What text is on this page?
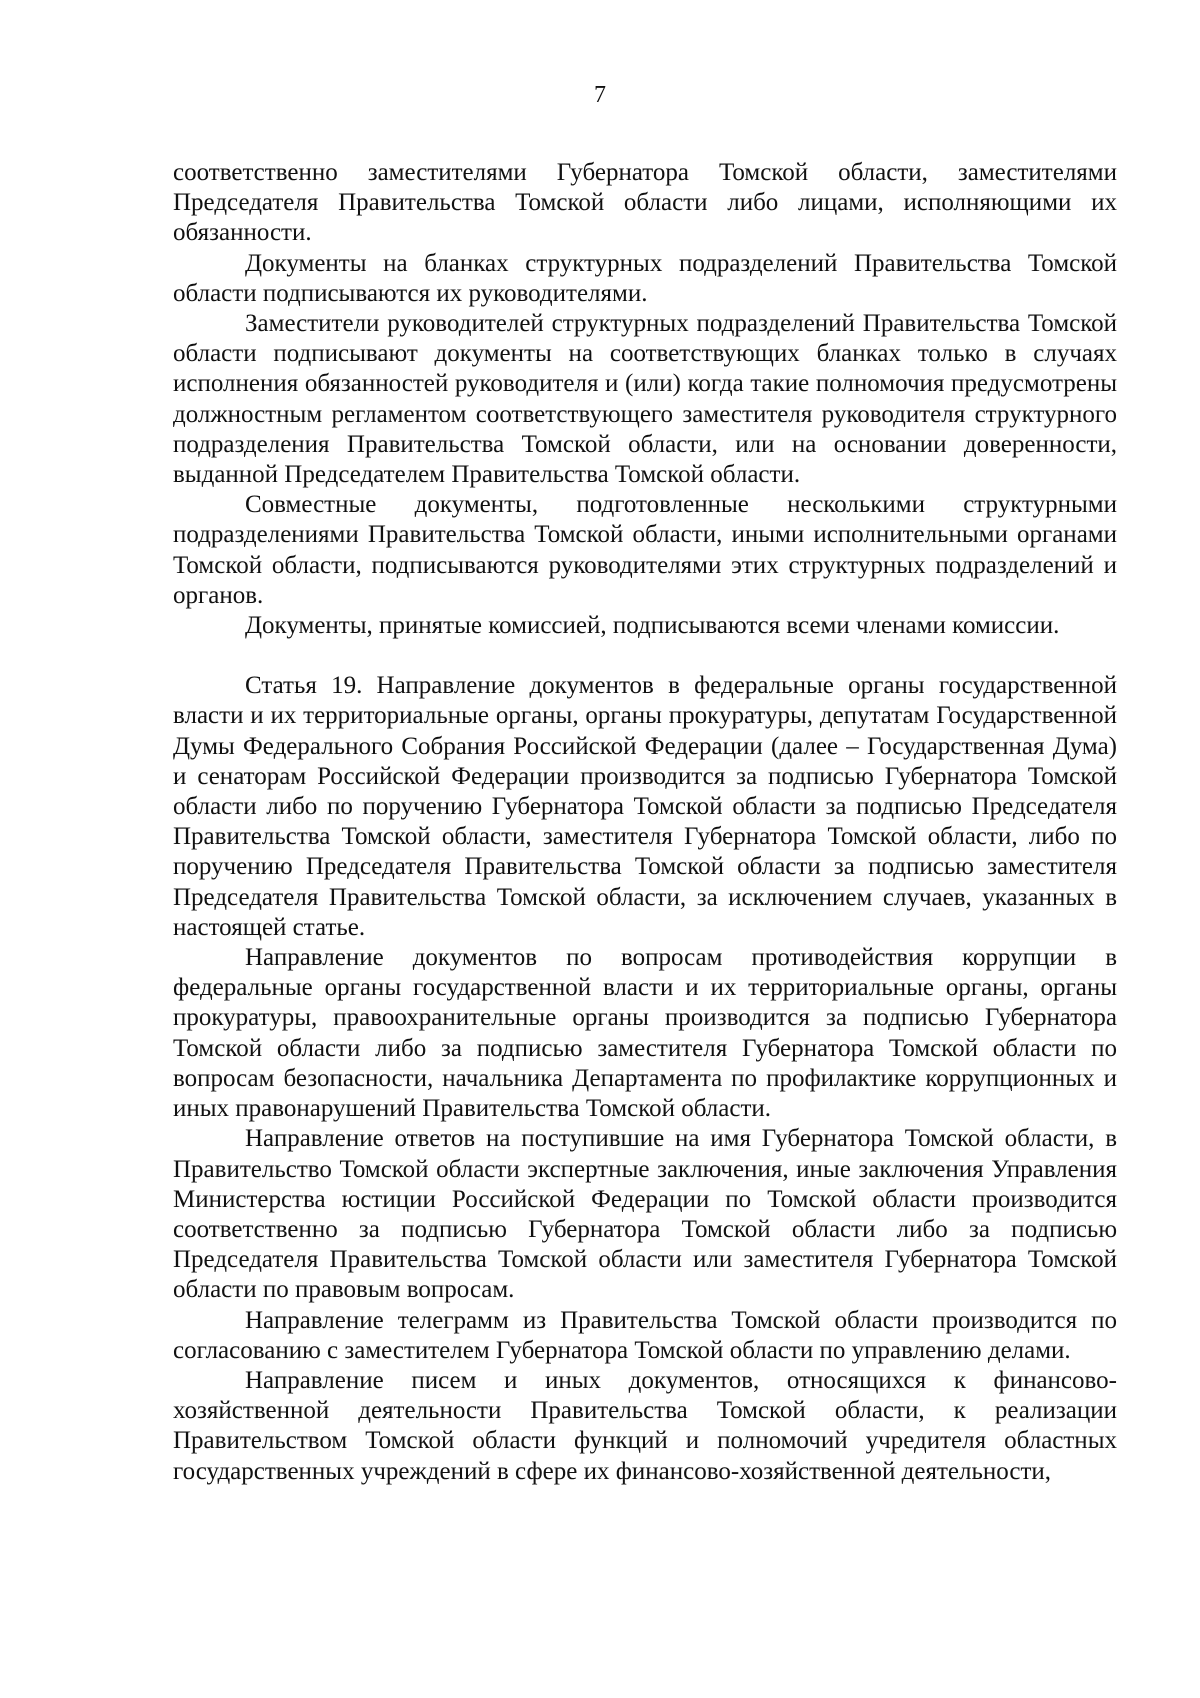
7

соответственно заместителями Губернатора Томской области, заместителями Председателя Правительства Томской области либо лицами, исполняющими их обязанности.

Документы на бланках структурных подразделений Правительства Томской области подписываются их руководителями.

Заместители руководителей структурных подразделений Правительства Томской области подписывают документы на соответствующих бланках только в случаях исполнения обязанностей руководителя и (или) когда такие полномочия предусмотрены должностным регламентом соответствующего заместителя руководителя структурного подразделения Правительства Томской области, или на основании доверенности, выданной Председателем Правительства Томской области.

Совместные документы, подготовленные несколькими структурными подразделениями Правительства Томской области, иными исполнительными органами Томской области, подписываются руководителями этих структурных подразделений и органов.

Документы, принятые комиссией, подписываются всеми членами комиссии.

Статья 19. Направление документов в федеральные органы государственной власти и их территориальные органы, органы прокуратуры, депутатам Государственной Думы Федерального Собрания Российской Федерации (далее – Государственная Дума) и сенаторам Российской Федерации производится за подписью Губернатора Томской области либо по поручению Губернатора Томской области за подписью Председателя Правительства Томской области, заместителя Губернатора Томской области, либо по поручению Председателя Правительства Томской области за подписью заместителя Председателя Правительства Томской области, за исключением случаев, указанных в настоящей статье.

Направление документов по вопросам противодействия коррупции в федеральные органы государственной власти и их территориальные органы, органы прокуратуры, правоохранительные органы производится за подписью Губернатора Томской области либо за подписью заместителя Губернатора Томской области по вопросам безопасности, начальника Департамента по профилактике коррупционных и иных правонарушений Правительства Томской области.

Направление ответов на поступившие на имя Губернатора Томской области, в Правительство Томской области экспертные заключения, иные заключения Управления Министерства юстиции Российской Федерации по Томской области производится соответственно за подписью Губернатора Томской области либо за подписью Председателя Правительства Томской области или заместителя Губернатора Томской области по правовым вопросам.

Направление телеграмм из Правительства Томской области производится по согласованию с заместителем Губернатора Томской области по управлению делами.

Направление писем и иных документов, относящихся к финансово-хозяйственной деятельности Правительства Томской области, к реализации Правительством Томской области функций и полномочий учредителя областных государственных учреждений в сфере их финансово-хозяйственной деятельности,
